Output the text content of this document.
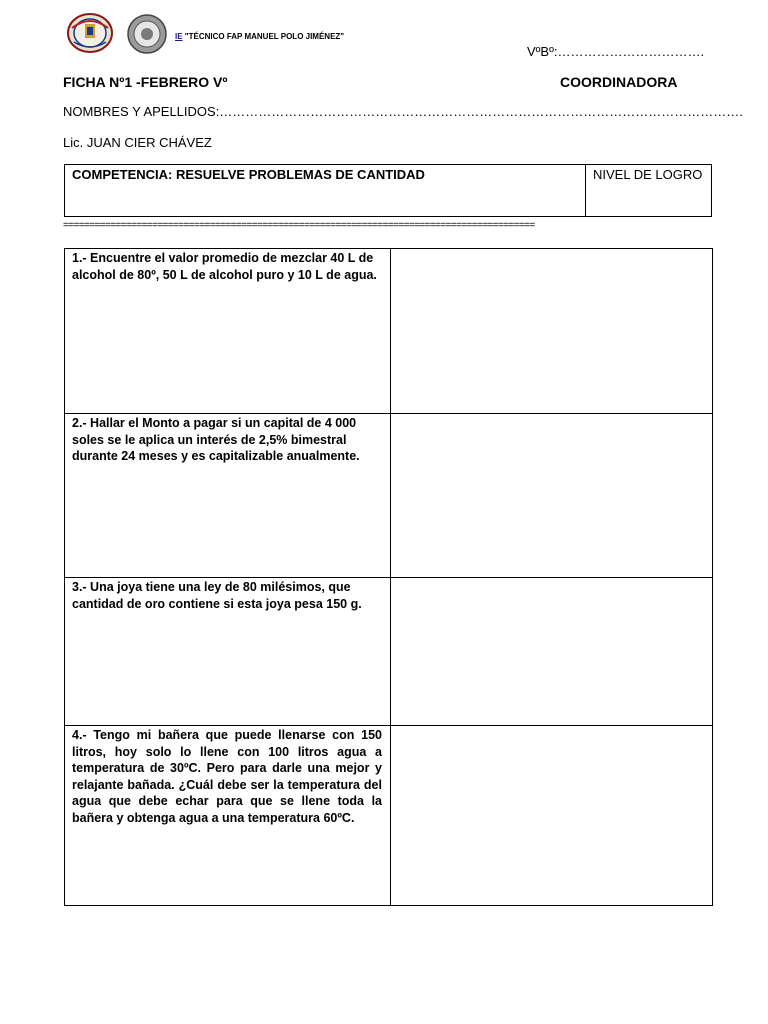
IE "TÉCNICO FAP MANUEL POLO JIMÉNEZ"
VºBº:…………………………….
FICHA Nº1 -FEBRERO Vº	COORDINADORA
NOMBRES Y APELLIDOS:………………………………………………………………………………………………………….
Lic. JUAN CIER CHÁVEZ
COMPETENCIA: RESUELVE PROBLEMAS DE CANTIDAD	NIVEL DE LOGRO
==========================================================================================
1.- Encuentre el valor promedio de mezclar 40 L de alcohol de 80º, 50 L de alcohol puro y 10 L de agua.	

2.- Hallar el Monto a pagar si un capital de 4 000 soles se le aplica un interés de 2,5% bimestral durante 24 meses y es capitalizable anualmente.	

3.- Una joya tiene una ley de 80 milésimos, que cantidad de oro contiene si esta joya pesa 150 g.	

4.- Tengo mi bañera que puede llenarse con 150 litros, hoy solo lo llene con 100 litros agua a temperatura de 30ºC. Pero para darle una mejor y relajante bañada. ¿Cuál debe ser la temperatura del agua que debe echar para que se llene toda la bañera y obtenga agua a una temperatura 60ºC.	
